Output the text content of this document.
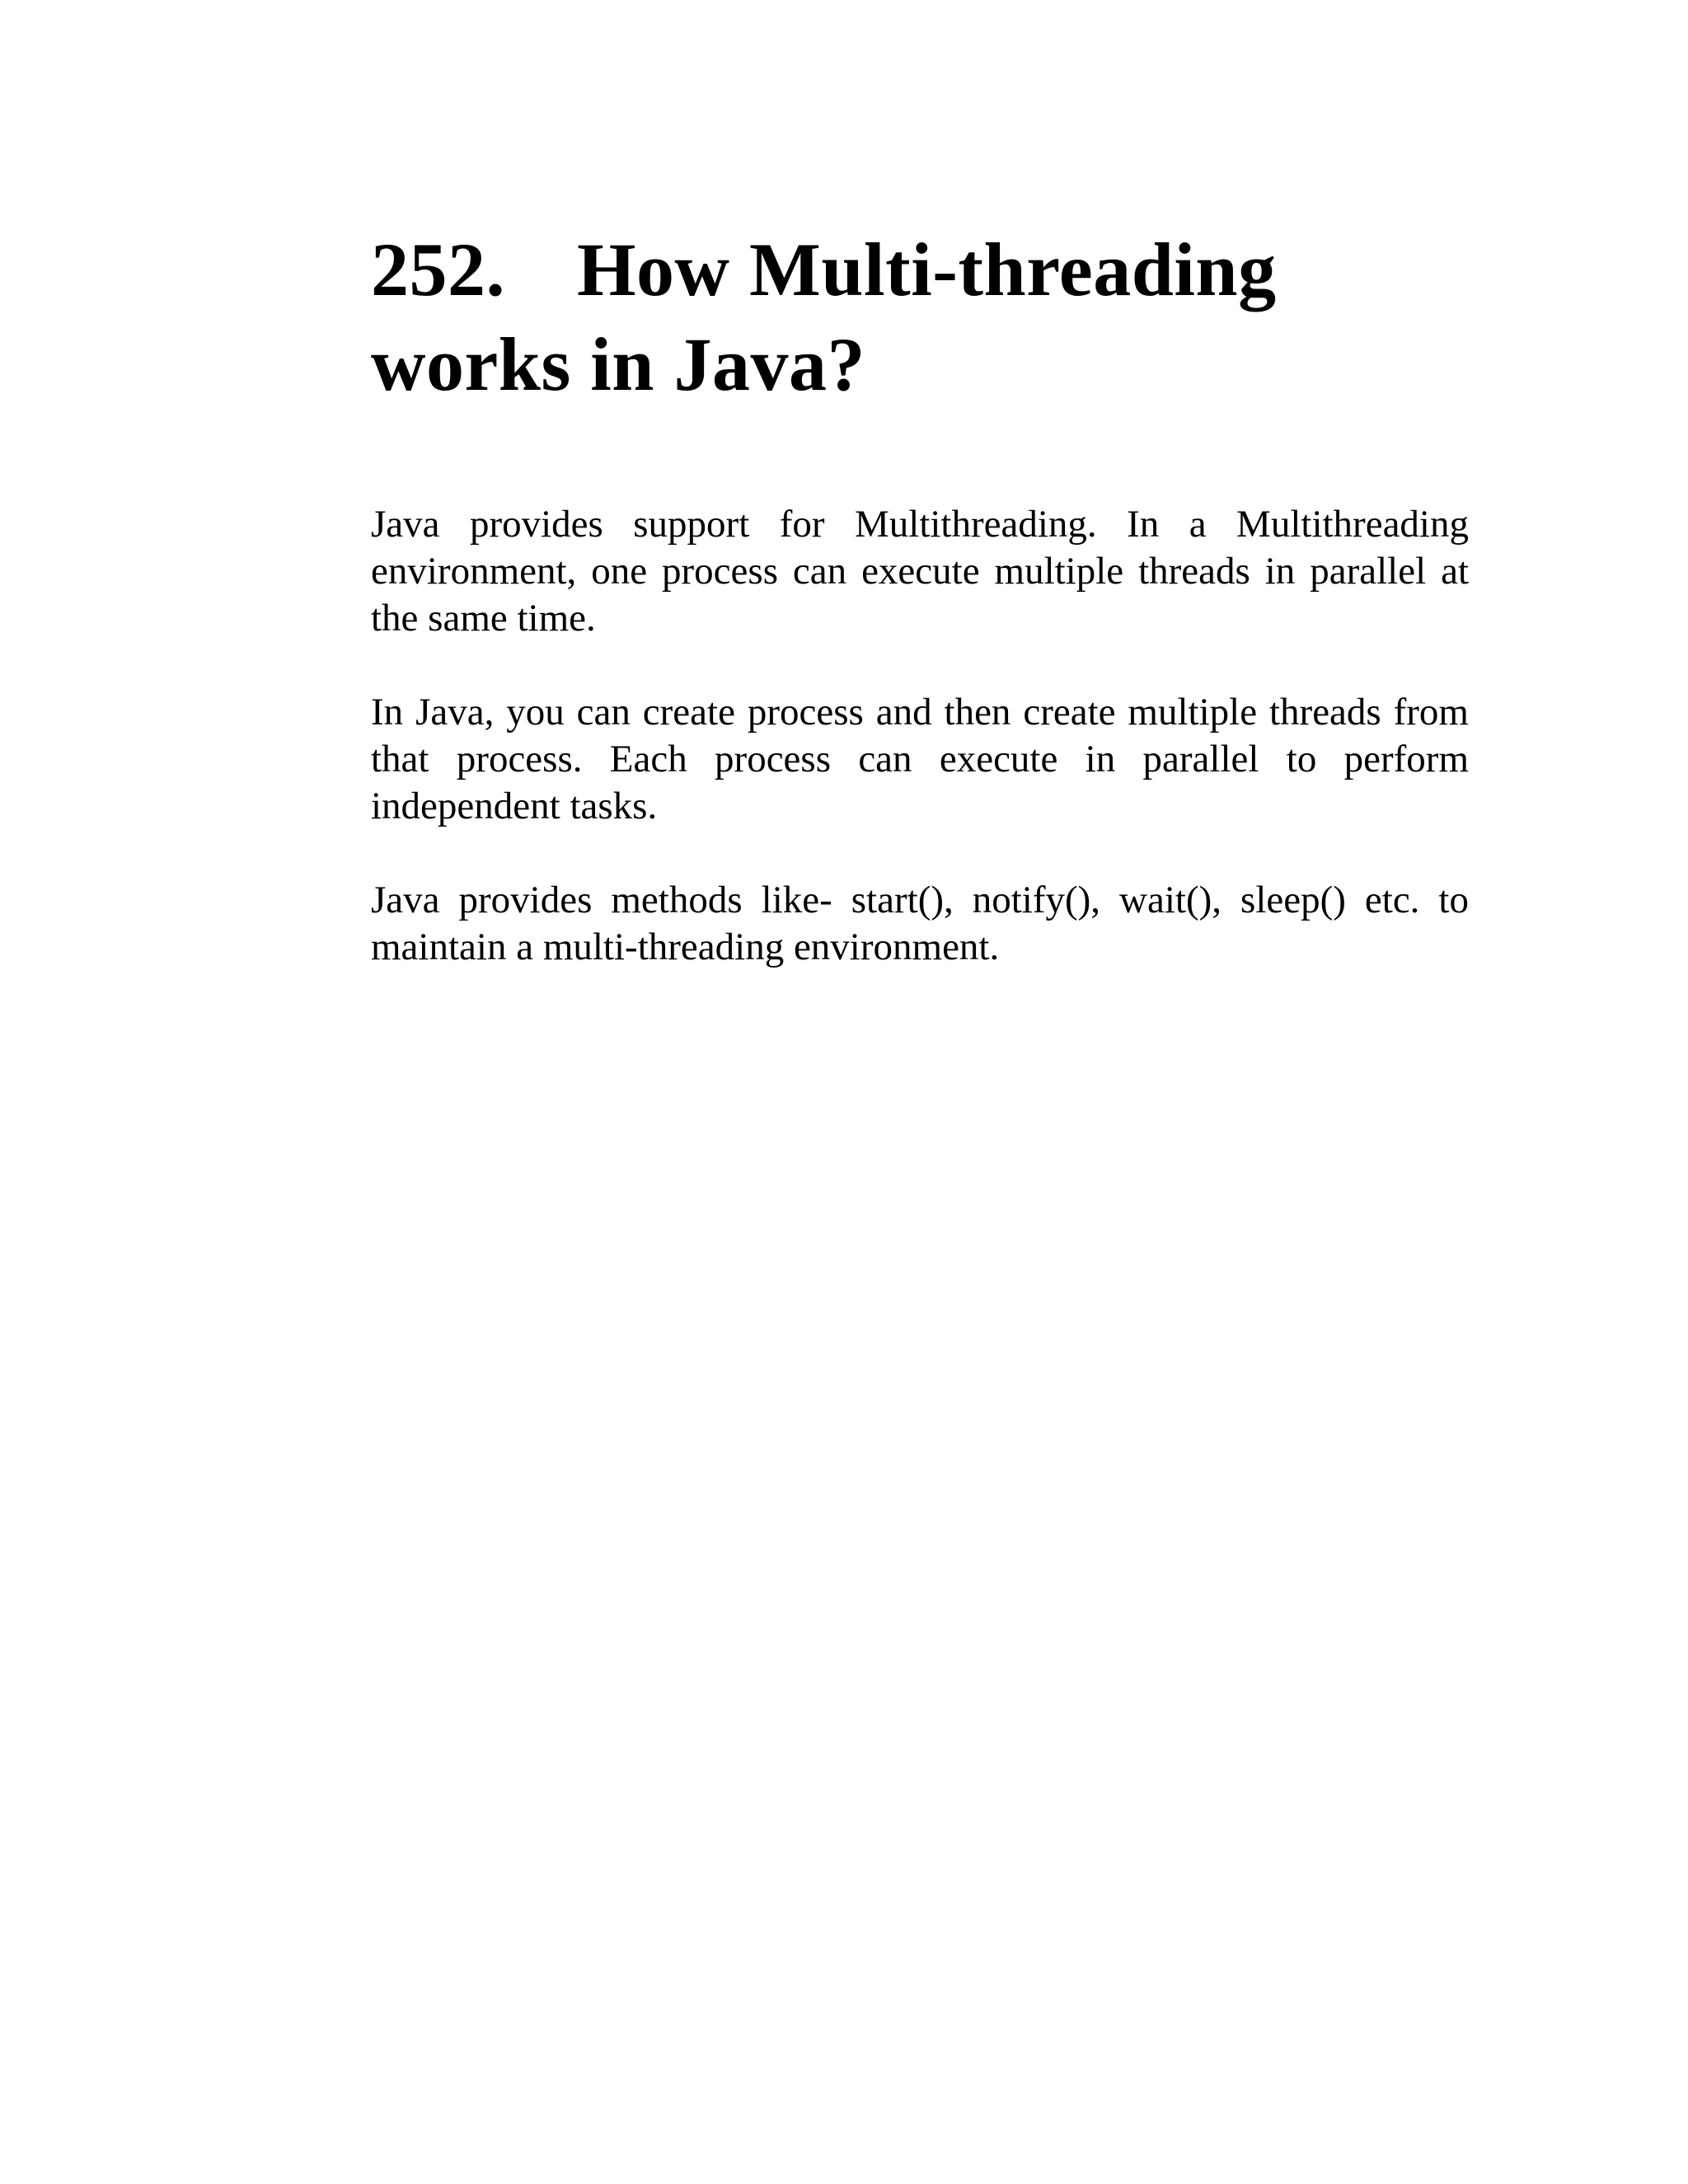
252. How Multi-threading works in Java?

Java provides support for Multithreading. In a Multithreading environment, one process can execute multiple threads in parallel at the same time.

In Java, you can create process and then create multiple threads from that process. Each process can execute in parallel to perform independent tasks.

Java provides methods like- start(), notify(), wait(), sleep() etc. to maintain a multi-threading environment.
